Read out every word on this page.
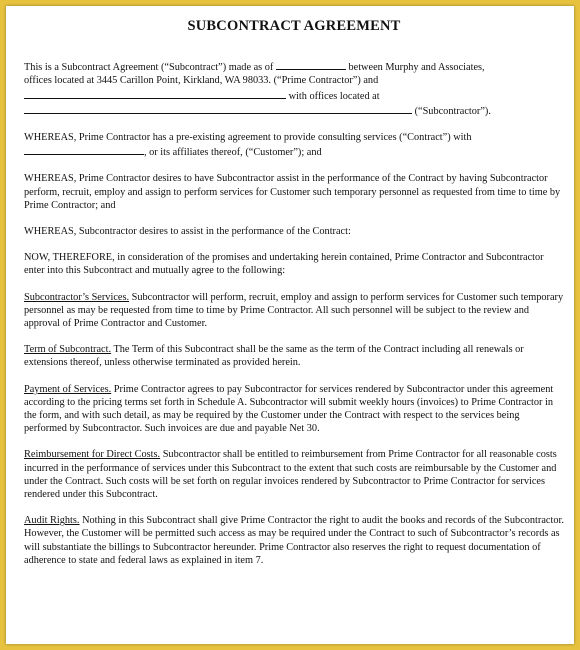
SUBCONTRACT AGREEMENT

This is a Subcontract Agreement (“Subcontract”) made as of	between Murphy and Associates,
offices located at 3445 Carillon Point, Kirkland, WA 98033. (“Prime Contractor”) and
with offices located at
(“Subcontractor”).

WHEREAS, Prime Contractor has a pre-existing agreement to provide consulting services (“Contract”) with
, or its affiliates thereof, (“Customer”); and

WHEREAS, Prime Contractor desires to have Subcontractor assist in the performance of the Contract by having Subcontractor perform, recruit, employ and assign to perform services for Customer such temporary personnel as requested from time to time by Prime Contractor; and

WHEREAS, Subcontractor desires to assist in the performance of the Contract:

NOW, THEREFORE, in consideration of the promises and undertaking herein contained, Prime Contractor and Subcontractor enter into this Subcontract and mutually agree to the following:

Subcontractor’s Services. Subcontractor will perform, recruit, employ and assign to perform services for Customer such temporary personnel as may be requested from time to time by Prime Contractor. All such personnel will be subject to the review and approval of Prime Contractor and Customer.

Term of Subcontract. The Term of this Subcontract shall be the same as the term of the Contract including all renewals or extensions thereof, unless otherwise terminated as provided herein.

Payment of Services. Prime Contractor agrees to pay Subcontractor for services rendered by Subcontractor under this agreement according to the pricing terms set forth in Schedule A. Subcontractor will submit weekly hours (invoices) to Prime Contractor in the form, and with such detail, as may be required by the Customer under the Contract with respect to the services being performed by Subcontractor. Such invoices are due and payable Net 30.

Reimbursement for Direct Costs. Subcontractor shall be entitled to reimbursement from Prime Contractor for all reasonable costs incurred in the performance of services under this Subcontract to the extent that such costs are reimbursable by the Customer and under the Contract. Such costs will be set forth on regular invoices rendered by Subcontractor to Prime Contractor for services rendered under this Subcontract.

Audit Rights. Nothing in this Subcontract shall give Prime Contractor the right to audit the books and records of the Subcontractor. However, the Customer will be permitted such access as may be required under the Contract to such of Subcontractor’s records as will substantiate the billings to Subcontractor hereunder. Prime Contractor also reserves the right to request documentation of adherence to state and federal laws as explained in item 7.
